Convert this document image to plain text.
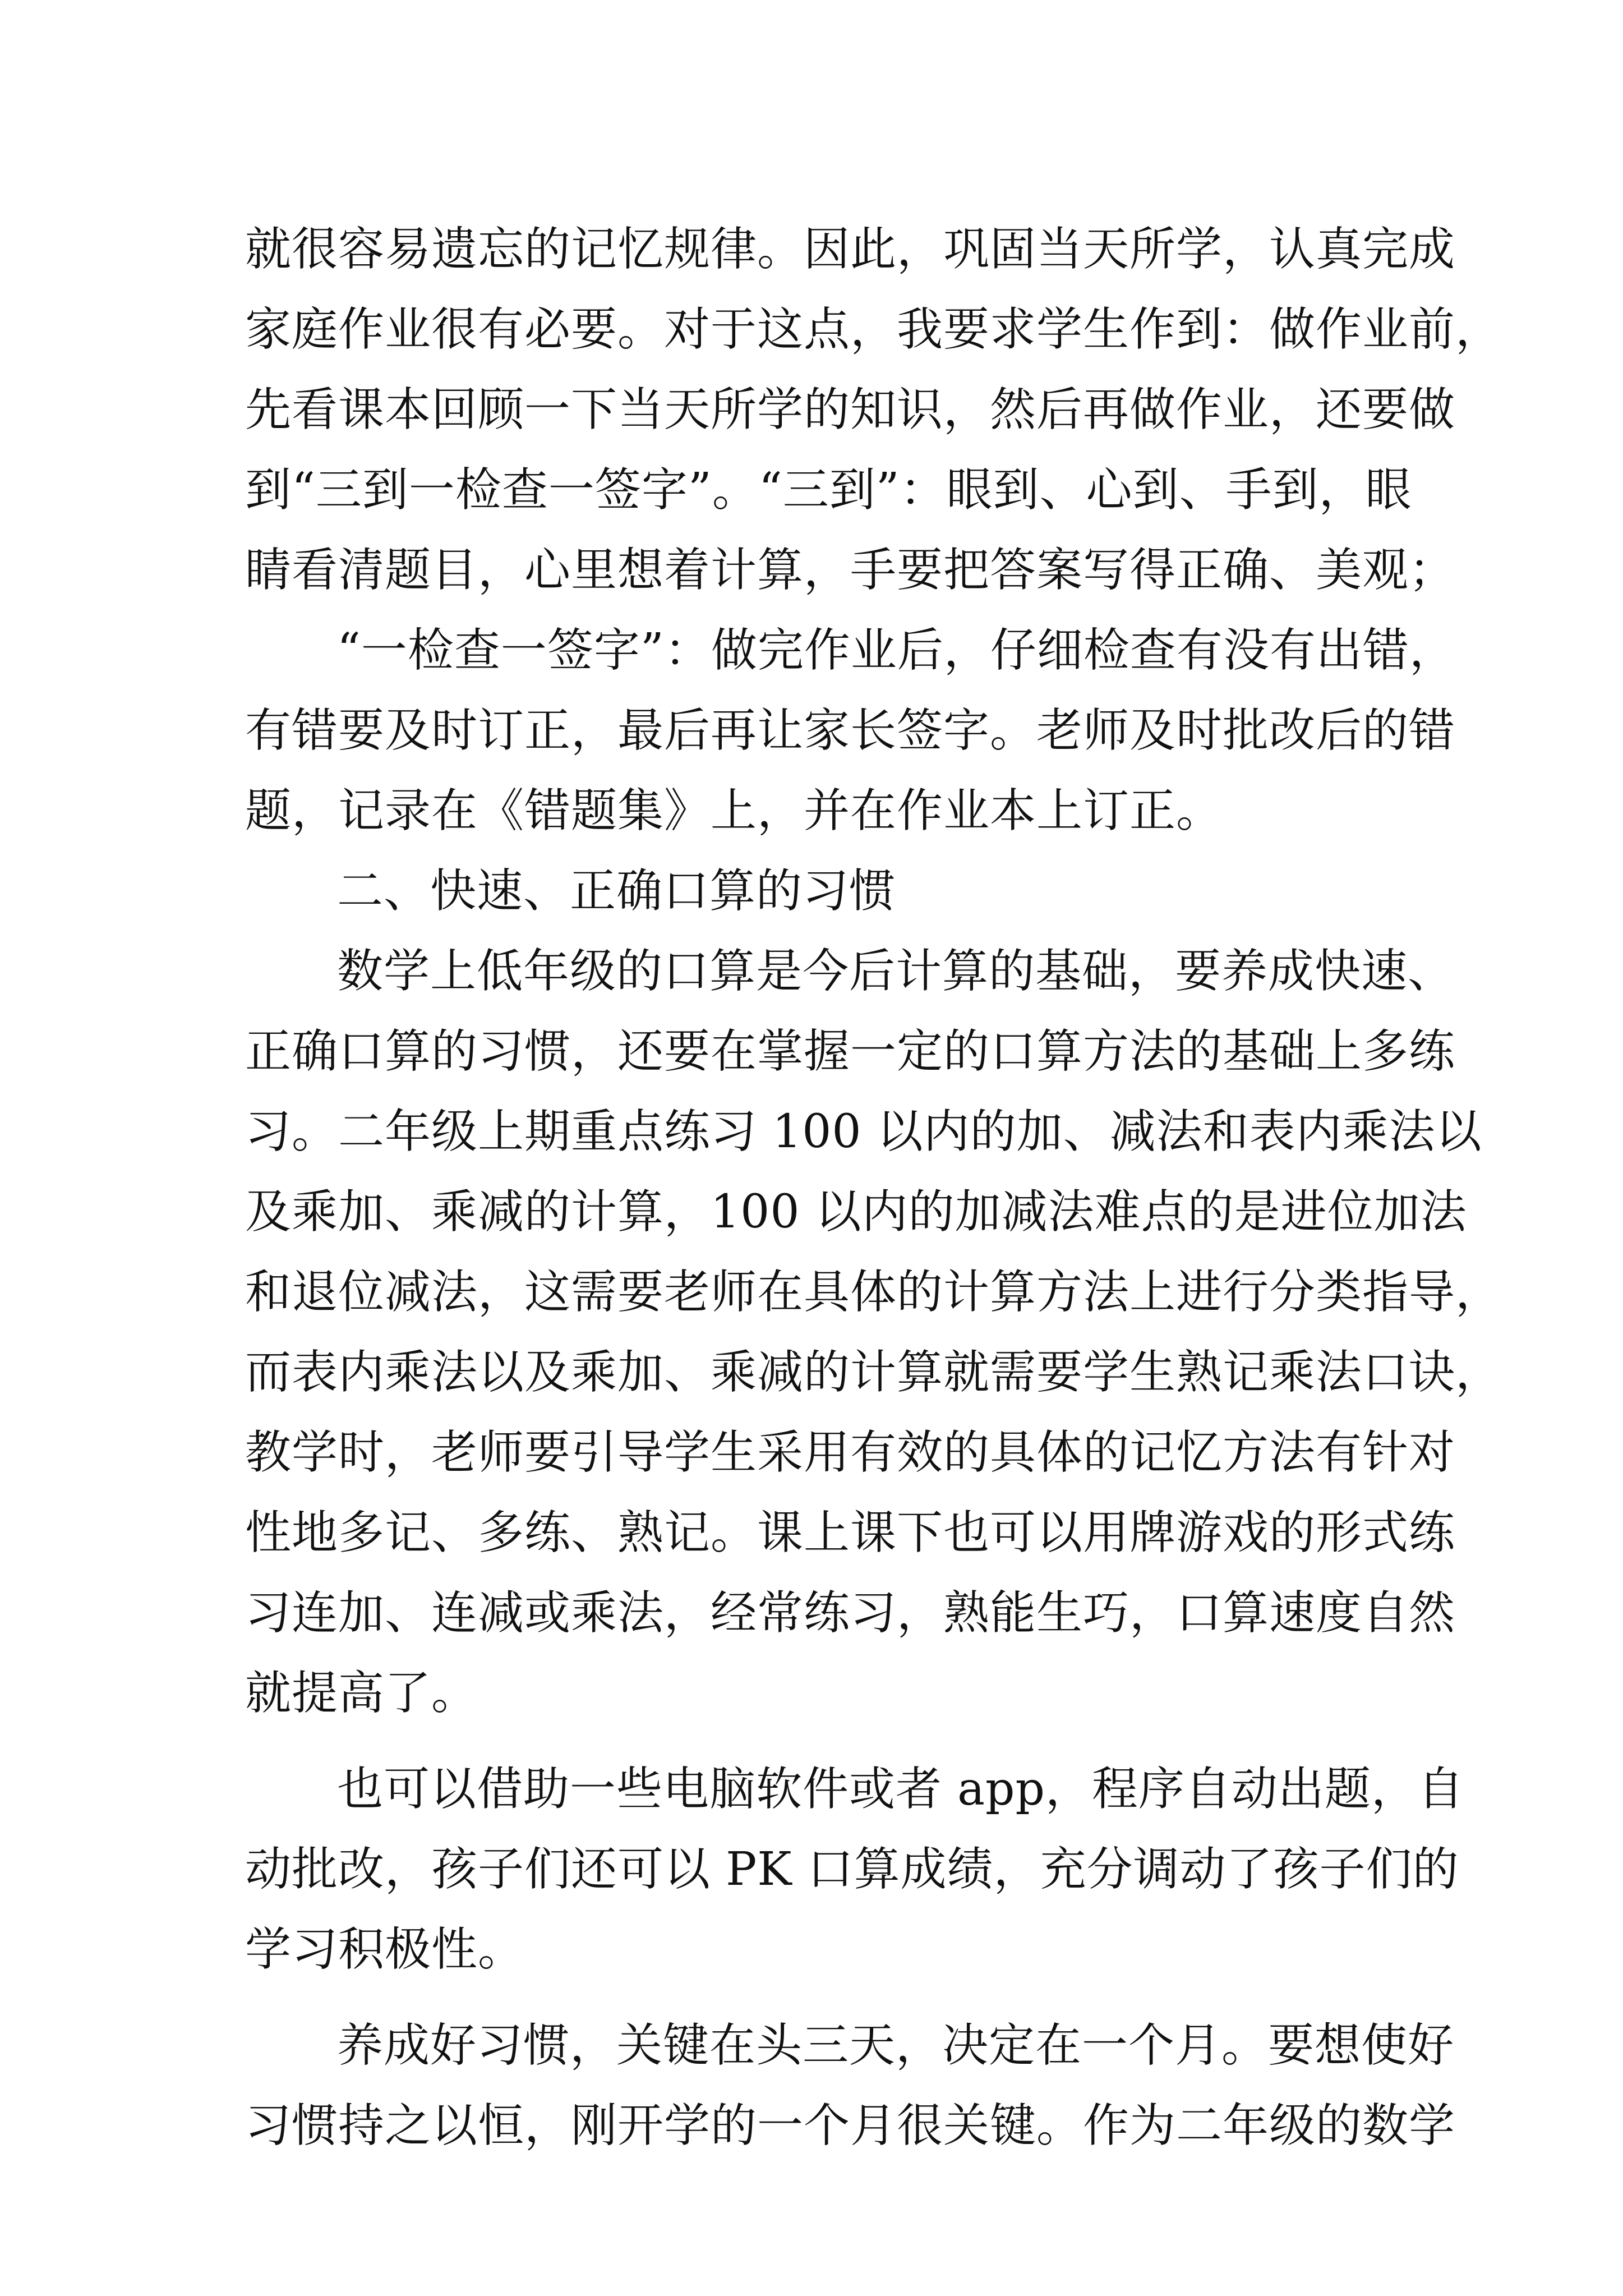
就很容易遗忘的记忆规律。因此，巩固当天所学，认真完成
家庭作业很有必要。对于这点，我要求学生作到：做作业前，
先看课本回顾一下当天所学的知识，然后再做作业，还要做
到“三到一检查一签字”。“三到”：眼到、心到、手到，眼
睛看清题目，心里想着计算，手要把答案写得正确、美观；
“一检查一签字”：做完作业后，仔细检查有没有出错，
有错要及时订正，最后再让家长签字。老师及时批改后的错
题，记录在《错题集》上，并在作业本上订正。
二、快速、正确口算的习惯
数学上低年级的口算是今后计算的基础，要养成快速、
正确口算的习惯，还要在掌握一定的口算方法的基础上多练
习。二年级上期重点练习 100 以内的加、减法和表内乘法以
及乘加、乘减的计算，100 以内的加减法难点的是进位加法
和退位减法，这需要老师在具体的计算方法上进行分类指导，
而表内乘法以及乘加、乘减的计算就需要学生熟记乘法口诀，
教学时，老师要引导学生采用有效的具体的记忆方法有针对
性地多记、多练、熟记。课上课下也可以用牌游戏的形式练
习连加、连减或乘法，经常练习，熟能生巧，口算速度自然
就提高了。
也可以借助一些电脑软件或者 app，程序自动出题，自
动批改，孩子们还可以 PK 口算成绩，充分调动了孩子们的
学习积极性。
养成好习惯，关键在头三天，决定在一个月。要想使好
习惯持之以恒，刚开学的一个月很关键。作为二年级的数学
